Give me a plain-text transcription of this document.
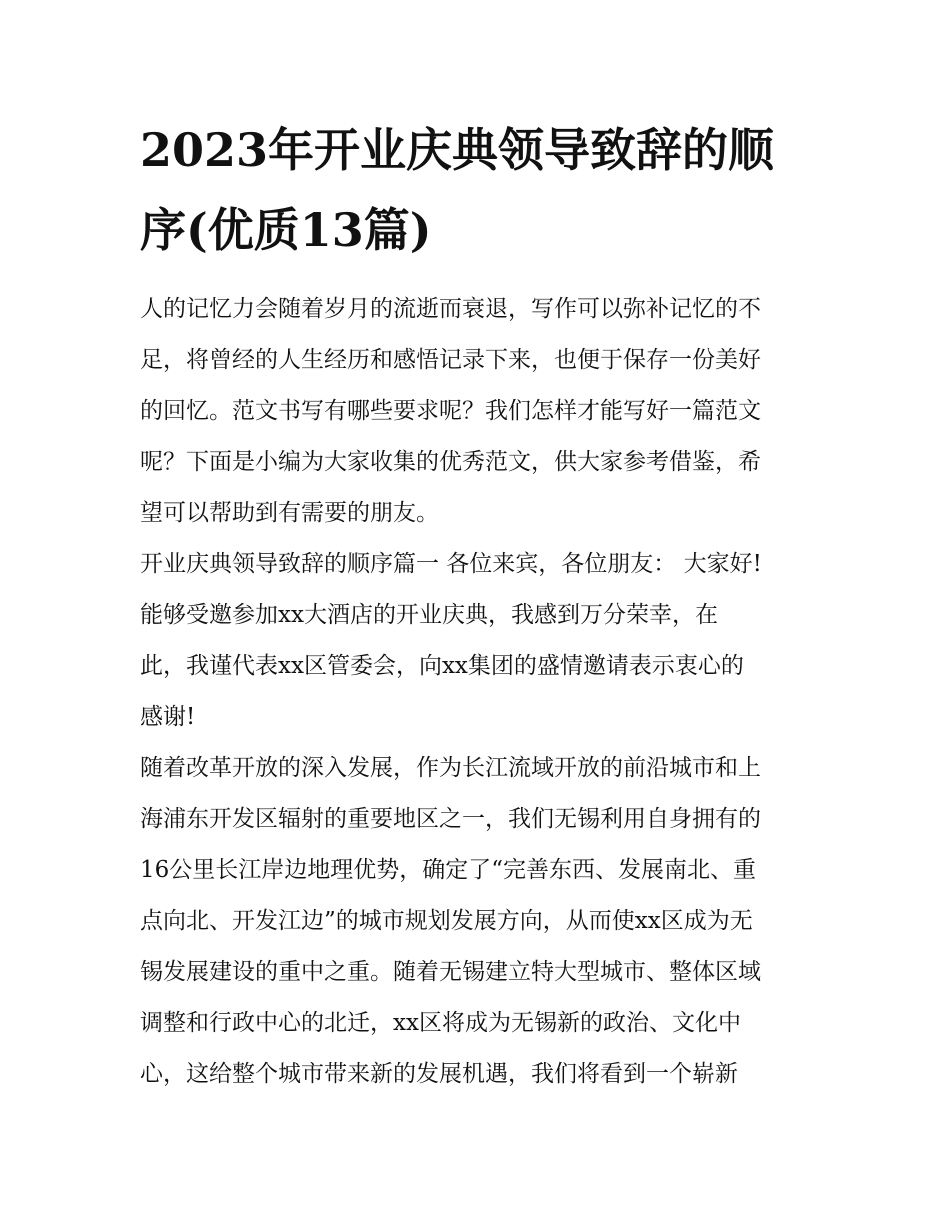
2023年开业庆典领导致辞的顺
序(优质13篇)
人的记忆力会随着岁月的流逝而衰退，写作可以弥补记忆的不
足，将曾经的人生经历和感悟记录下来，也便于保存一份美好
的回忆。范文书写有哪些要求呢？我们怎样才能写好一篇范文
呢？下面是小编为大家收集的优秀范文，供大家参考借鉴，希
望可以帮助到有需要的朋友。
开业庆典领导致辞的顺序篇一 各位来宾，各位朋友： 大家好!
能够受邀参加xx大酒店的开业庆典，我感到万分荣幸，在
此，我谨代表xx区管委会，向xx集团的盛情邀请表示衷心的
感谢!
随着改革开放的深入发展，作为长江流域开放的前沿城市和上
海浦东开发区辐射的重要地区之一，我们无锡利用自身拥有的
16公里长江岸边地理优势，确定了“完善东西、发展南北、重
点向北、开发江边”的城市规划发展方向，从而使xx区成为无
锡发展建设的重中之重。随着无锡建立特大型城市、整体区域
调整和行政中心的北迁，xx区将成为无锡新的政治、文化中
心，这给整个城市带来新的发展机遇，我们将看到一个崭新
